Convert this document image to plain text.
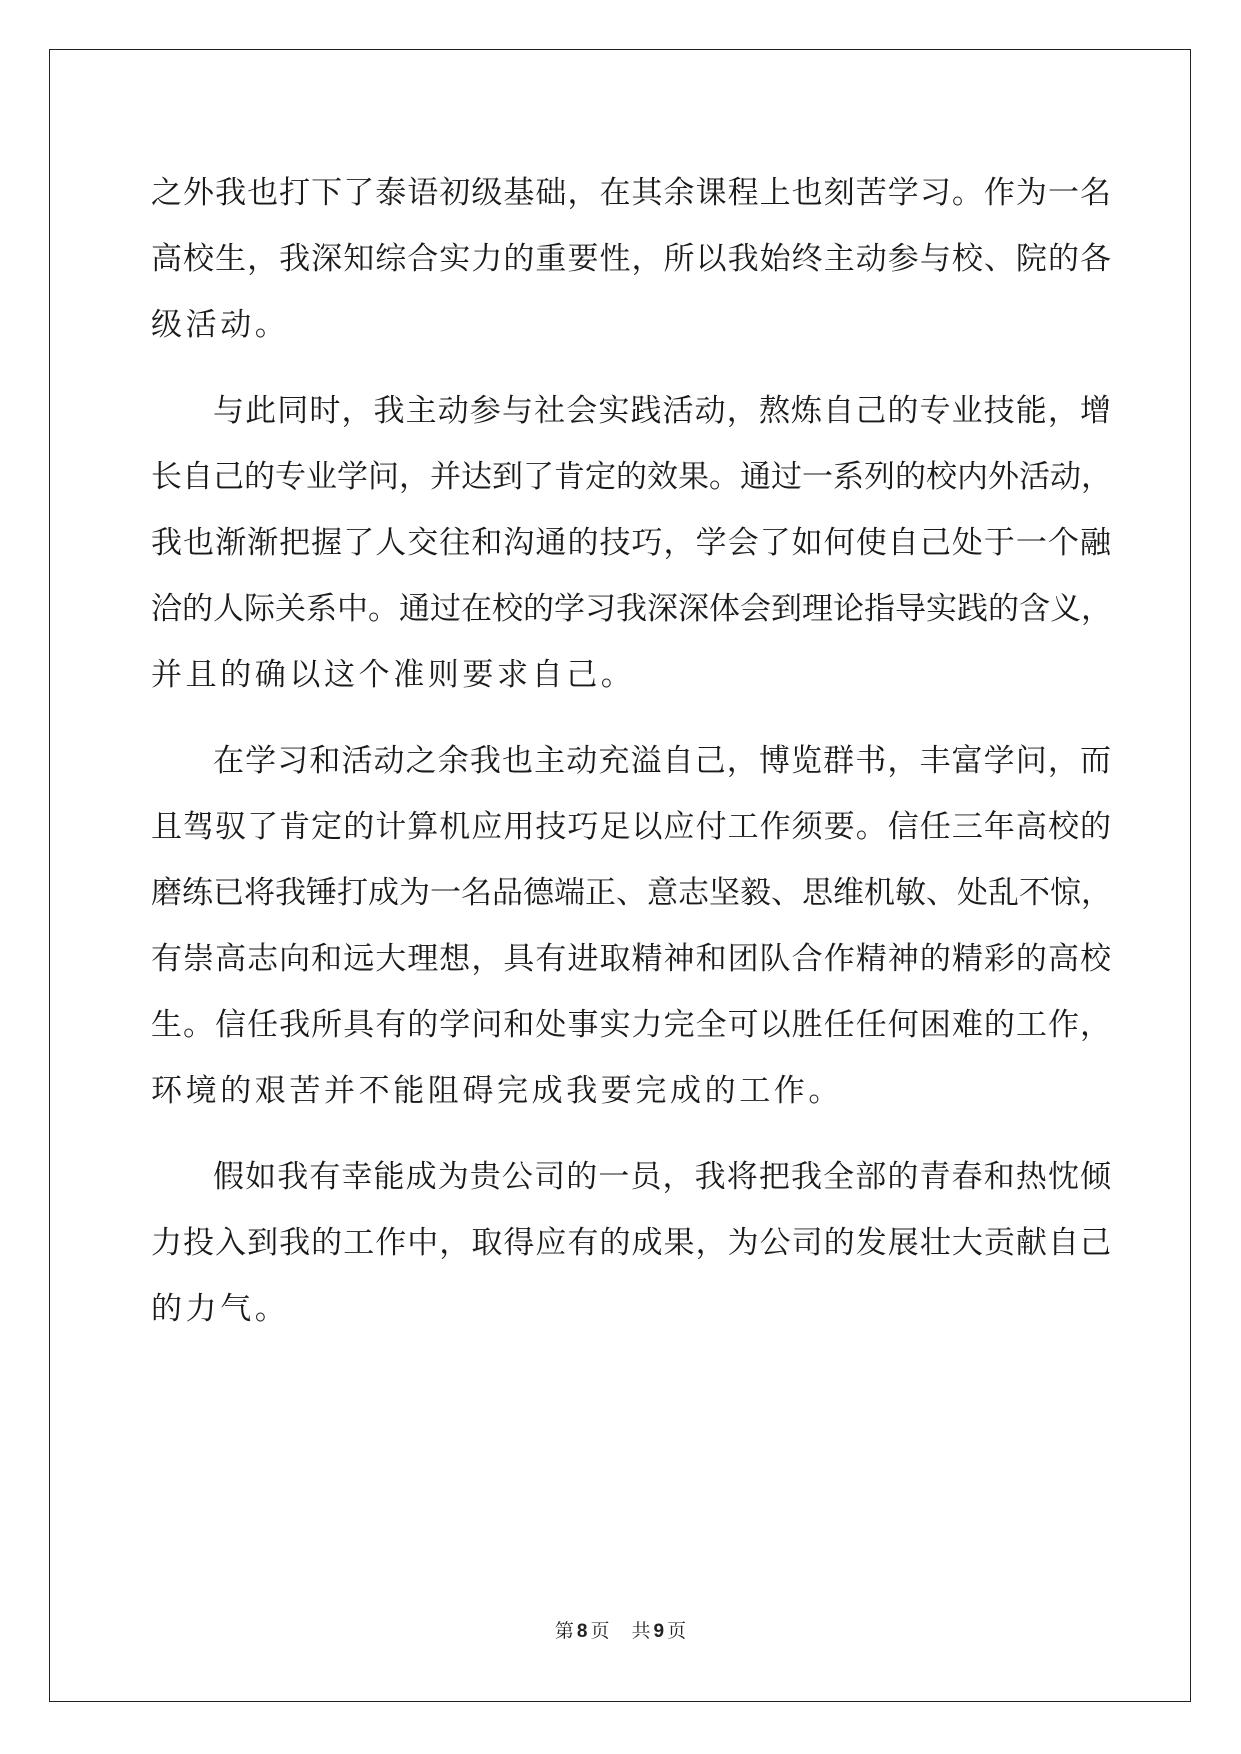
之外我也打下了泰语初级基础，在其余课程上也刻苦学习。作为一名
高校生，我深知综合实力的重要性，所以我始终主动参与校、院的各
级活动。
与此同时，我主动参与社会实践活动，熬炼自己的专业技能，增
长自己的专业学问，并达到了肯定的效果。通过一系列的校内外活动，
我也渐渐把握了人交往和沟通的技巧，学会了如何使自己处于一个融
洽的人际关系中。通过在校的学习我深深体会到理论指导实践的含义，
并且的确以这个准则要求自己。
在学习和活动之余我也主动充溢自己，博览群书，丰富学问，而
且驾驭了肯定的计算机应用技巧足以应付工作须要。信任三年高校的
磨练已将我锤打成为一名品德端正、意志坚毅、思维机敏、处乱不惊，
有崇高志向和远大理想，具有进取精神和团队合作精神的精彩的高校
生。信任我所具有的学问和处事实力完全可以胜任任何困难的工作，
环境的艰苦并不能阻碍完成我要完成的工作。
假如我有幸能成为贵公司的一员，我将把我全部的青春和热忱倾
力投入到我的工作中，取得应有的成果，为公司的发展壮大贡献自己
的力气。
第 8 页 共 9 页
